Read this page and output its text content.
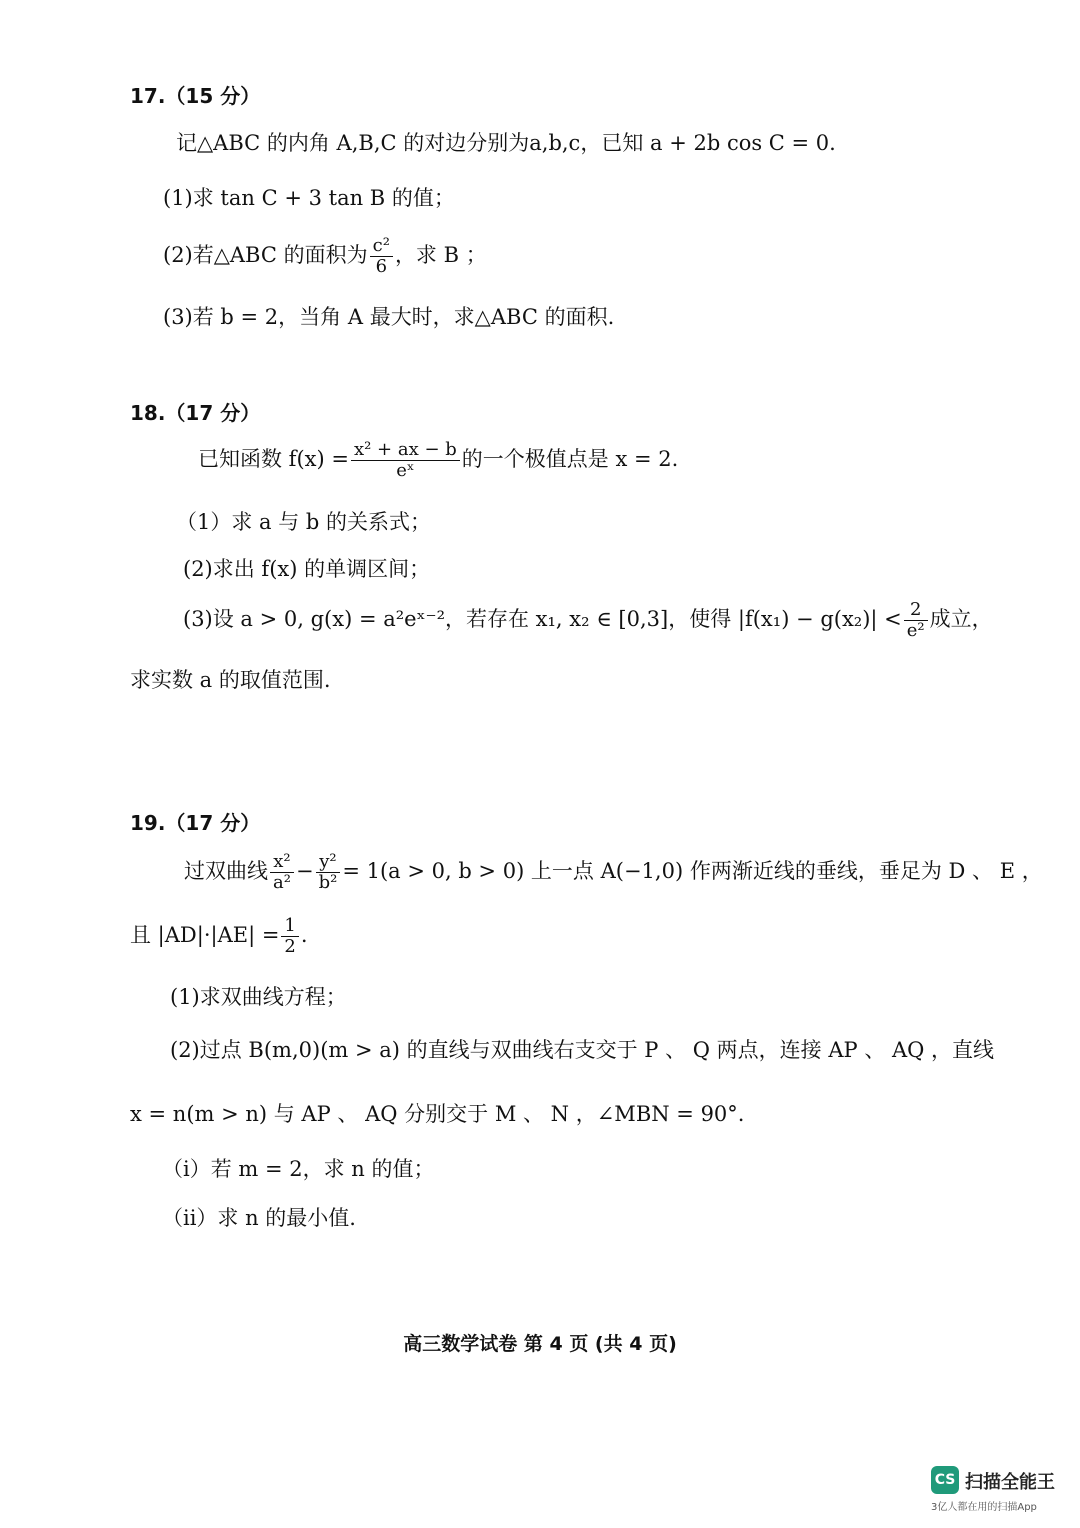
17.（15 分）
记△ABC 的内角 A,B,C 的对边分别为a,b,c，已知 a + 2b cos C = 0.
(1)求 tan C + 3 tan B 的值；
(2)若△ABC 的面积为 $\frac{\text{c²}}{6}$ ，求 B ；
(3)若 b = 2，当角 A 最大时，求△ABC 的面积.
18.（17 分）
已知函数 $f(x) = \frac{\text{x² + ax − b}}{\text{eˣ}}$ 的一个极值点是 x = 2.
（1）求 a 与 b 的关系式；
(2)求出 f(x) 的单调区间；
(3)设 a > 0, g(x) = a²eˣ⁻²，若存在 x₁, x₂ ∈ [0,3]，使得 $|f(x_1) - g(x_2)| < \frac{2}{\text{e²}}$ 成立，
求实数 a 的取值范围.
19.（17 分）
过双曲线 $\frac{\text{x²}}{\text{a²}} - \frac{\text{y²}}{\text{b²}} = 1(a > 0$, b > 0) 上一点 A(−1,0) 作两渐近线的垂线，垂足为 D 、 E ，
且 $|AD|\cdot|AE| = \frac{1}{2}$ .
(1)求双曲线方程；
(2)过点 B(m,0)(m > a) 的直线与双曲线右支交于 P 、 Q 两点，连接 AP 、 AQ ，直线
x = n(m > n) 与 AP 、 AQ 分别交于 M 、 N ，∠MBN = 90°.
（i）若 m = 2，求 n 的值；
（ii）求 n 的最小值.
高三数学试卷 第 4 页 (共 4 页)
CS 扫描全能王
3亿人都在用的扫描App
